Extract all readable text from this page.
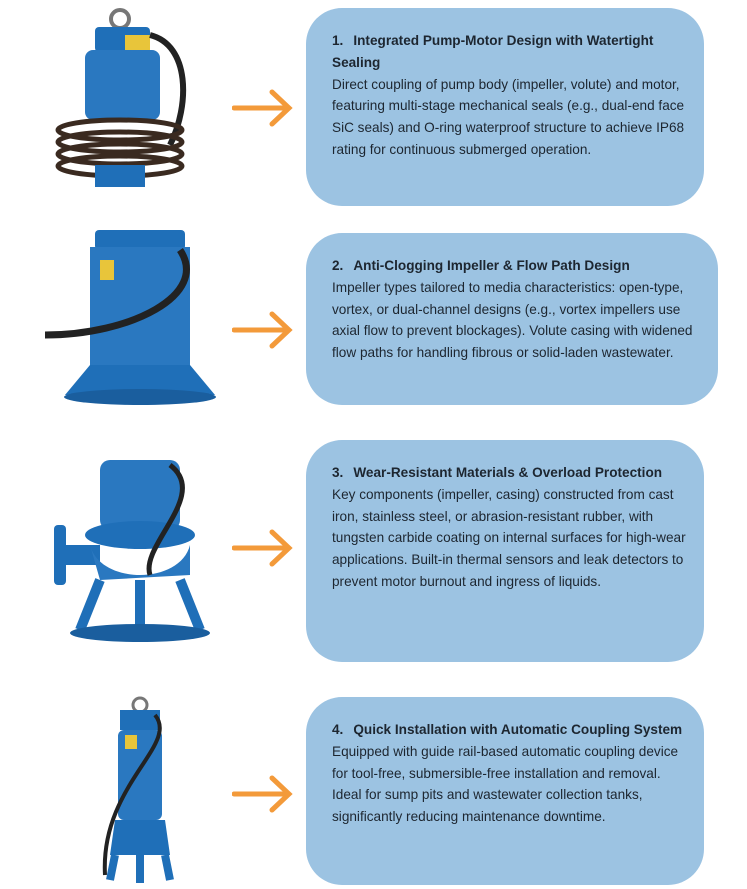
1. Integrated Pump-Motor Design with Watertight Sealing
Direct coupling of pump body (impeller, volute) and motor, featuring multi-stage mechanical seals (e.g., dual-end face SiC seals) and O-ring waterproof structure to achieve IP68 rating for continuous submerged operation.
2. Anti-Clogging Impeller & Flow Path Design
Impeller types tailored to media characteristics: open-type, vortex, or dual-channel designs (e.g., vortex impellers use axial flow to prevent blockages). Volute casing with widened flow paths for handling fibrous or solid-laden wastewater.
3. Wear-Resistant Materials & Overload Protection
Key components (impeller, casing) constructed from cast iron, stainless steel, or abrasion-resistant rubber, with tungsten carbide coating on internal surfaces for high-wear applications. Built-in thermal sensors and leak detectors to prevent motor burnout and ingress of liquids.
4. Quick Installation with Automatic Coupling System
Equipped with guide rail-based automatic coupling device for tool-free, submersible-free installation and removal. Ideal for sump pits and wastewater collection tanks, significantly reducing maintenance downtime.
